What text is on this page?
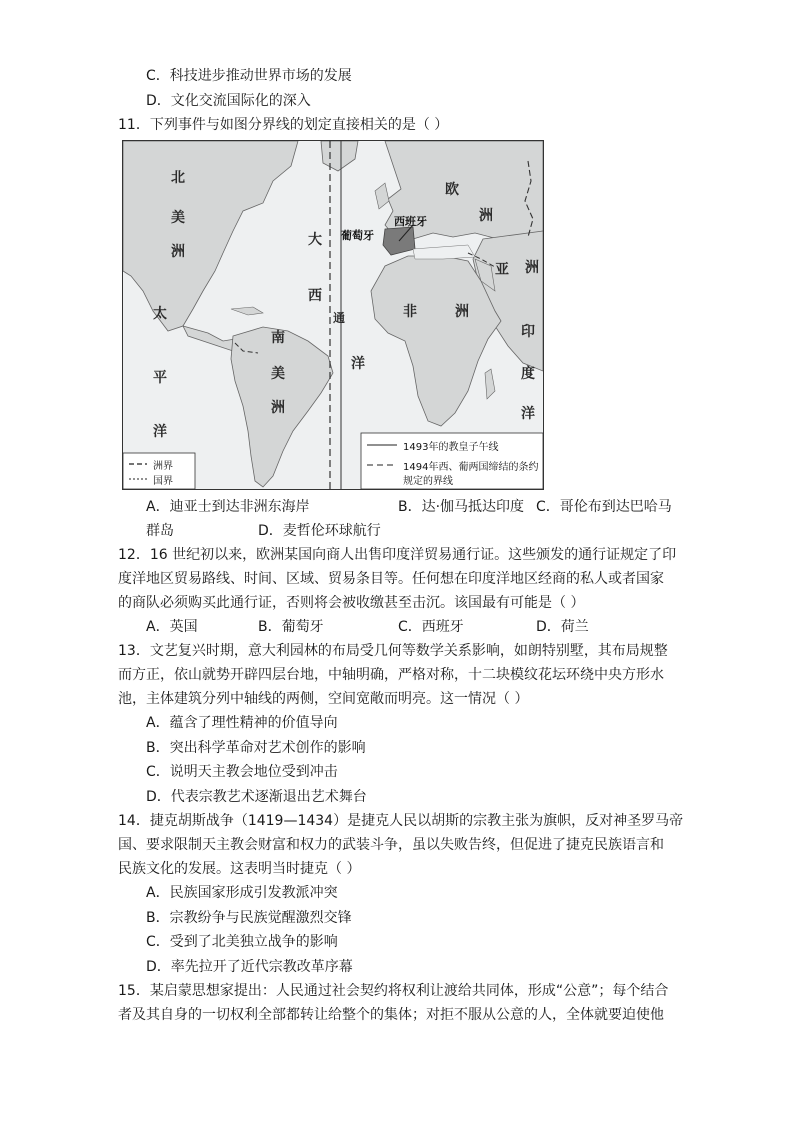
C．科技进步推动世界市场的发展
D．文化交流国际化的深入
11．下列事件与如图分界线的划定直接相关的是（ ）
北
美
洲
大
西
洋
通
葡萄牙
西班牙
欧
洲
亚 洲
非	洲
太
平
洋
南
美
洲
印
度
洋
洲界
国界
1493年的教皇子午线
1494年西、葡两国缔结的条约
规定的界线
A．迪亚士到达非洲东海岸	B．达·伽马抵达印度 C．哥伦布到达巴哈马
群岛	D．麦哲伦环球航行
12．16 世纪初以来，欧洲某国向商人出售印度洋贸易通行证。这些颁发的通行证规定了印
度洋地区贸易路线、时间、区域、贸易条目等。任何想在印度洋地区经商的私人或者国家
的商队必须购买此通行证，否则将会被收缴甚至击沉。该国最有可能是（ ）
A．英国	B．葡萄牙	C．西班牙	D．荷兰
13．文艺复兴时期，意大利园林的布局受几何等数学关系影响，如朗特别墅，其布局规整
而方正，依山就势开辟四层台地，中轴明确，严格对称，十二块模纹花坛环绕中央方形水
池，主体建筑分列中轴线的两侧，空间宽敞而明亮。这一情况（ ）
A．蕴含了理性精神的价值导向
B．突出科学革命对艺术创作的影响
C．说明天主教会地位受到冲击
D．代表宗教艺术逐渐退出艺术舞台
14．捷克胡斯战争（1419—1434）是捷克人民以胡斯的宗教主张为旗帜，反对神圣罗马帝
国、要求限制天主教会财富和权力的武装斗争，虽以失败告终，但促进了捷克民族语言和
民族文化的发展。这表明当时捷克（ ）
A．民族国家形成引发教派冲突
B．宗教纷争与民族觉醒激烈交锋
C．受到了北美独立战争的影响
D．率先拉开了近代宗教改革序幕
15．某启蒙思想家提出：人民通过社会契约将权利让渡给共同体，形成“公意”；每个结合
者及其自身的一切权利全部都转让给整个的集体；对拒不服从公意的人，全体就要迫使他
